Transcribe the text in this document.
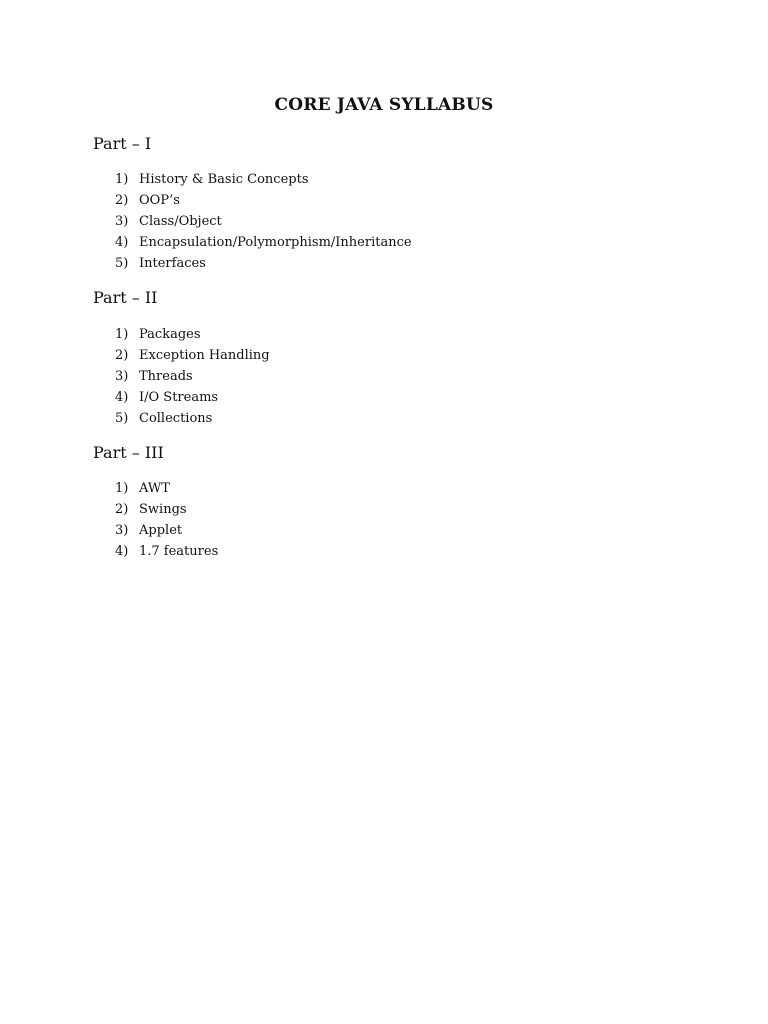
CORE JAVA SYLLABUS
Part – I
1) History & Basic Concepts
2) OOP’s
3) Class/Object
4) Encapsulation/Polymorphism/Inheritance
5) Interfaces
Part – II
1) Packages
2) Exception Handling
3) Threads
4) I/O Streams
5) Collections
Part – III
1) AWT
2) Swings
3) Applet
4) 1.7 features
